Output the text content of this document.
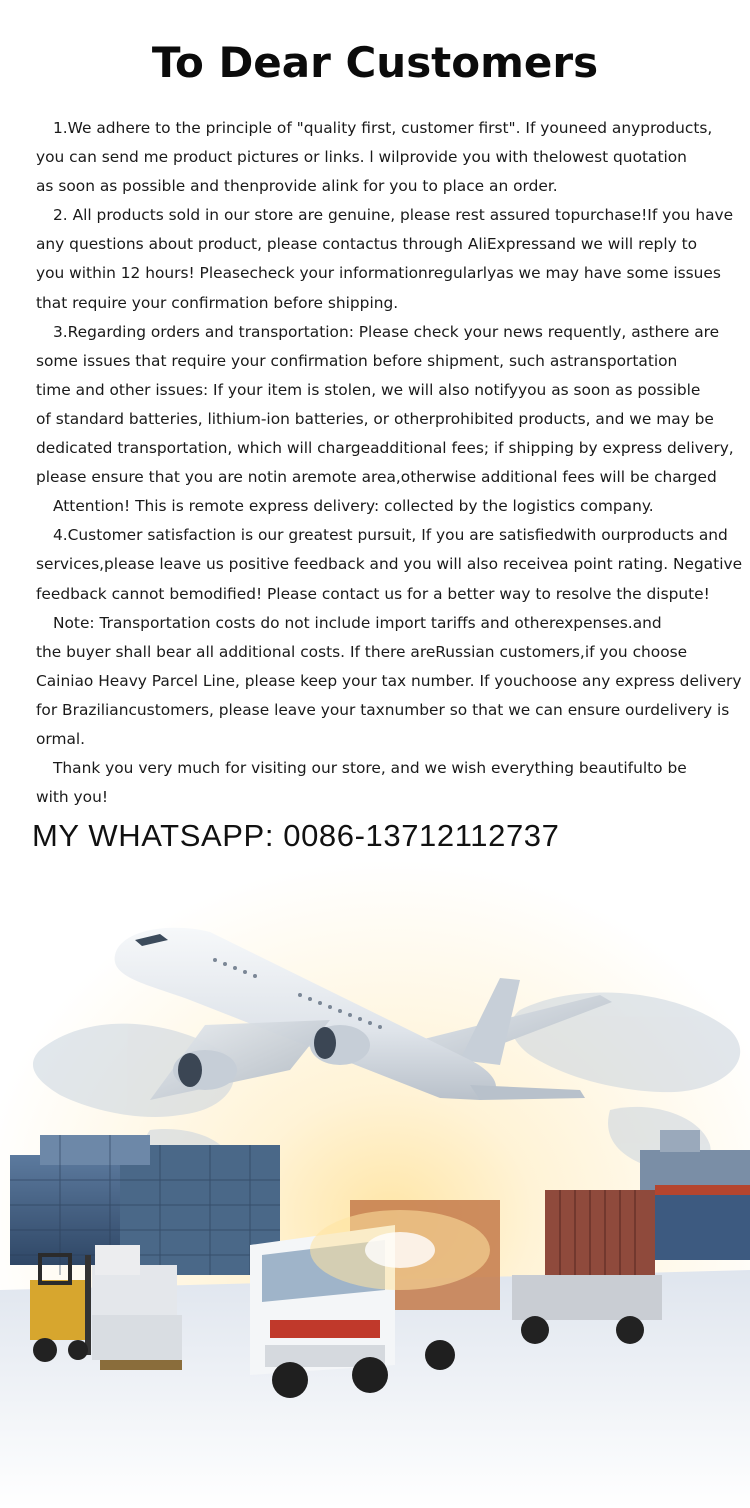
To Dear Customers
1.We adhere to the principle of "quality first, customer first". If youneed anyproducts,
you can send me product pictures or links. l wilprovide you with thelowest quotation
as soon as possible and thenprovide alink for you to place an order.
2. All products sold in our store are genuine, please rest assured topurchase!If you have
any questions about product, please contactus through AliExpressand we will reply to
you within 12 hours! Pleasecheck your informationregularlyas we may have some issues
that require your confirmation before shipping.
3.Regarding orders and transportation: Please check your news requently, asthere are
some issues that require your confirmation before shipment, such astransportation
time and other issues: If your item is stolen, we will also notifyyou as soon as possible
of standard batteries, lithium-ion batteries, or otherprohibited products, and we may be
dedicated transportation, which will chargeadditional fees; if shipping by express delivery,
please ensure that you are notin aremote area,otherwise additional fees will be charged
Attention! This is remote express delivery: collected by the logistics company.
4.Customer satisfaction is our greatest pursuit, If you are satisfiedwith ourproducts and
services,please leave us positive feedback and you will also receivea point rating. Negative
feedback cannot bemodified! Please contact us for a better way to resolve the dispute!
Note: Transportation costs do not include import tariffs and otherexpenses.and
the buyer shall bear all additional costs. If there areRussian customers,if you choose
Cainiao Heavy Parcel Line, please keep your tax number. If youchoose any express delivery
for Braziliancustomers, please leave your taxnumber so that we can ensure ourdelivery is
ormal.
Thank you very much for visiting our store, and we wish everything beautifulto be
with you!
MY WHATSAPP: 0086-13712112737
